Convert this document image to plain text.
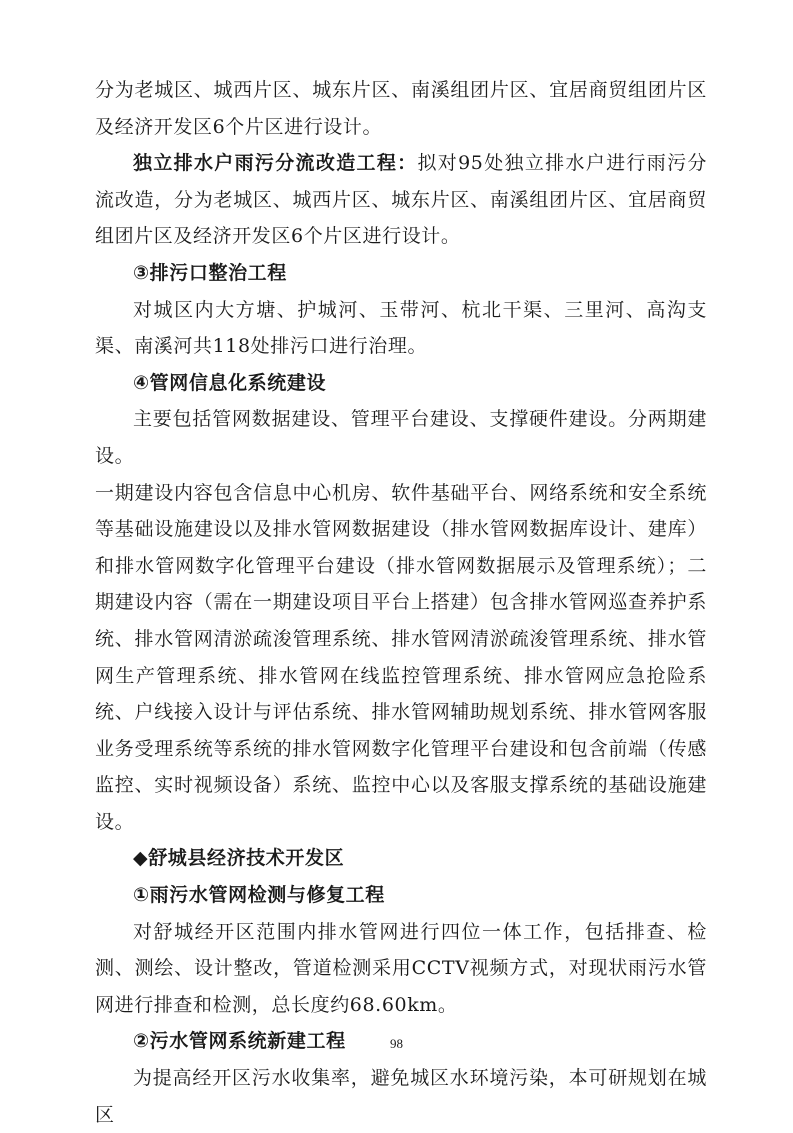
分为老城区、城西片区、城东片区、南溪组团片区、宜居商贸组团片区及经济开发区6个片区进行设计。

独立排水户雨污分流改造工程：拟对95处独立排水户进行雨污分流改造，分为老城区、城西片区、城东片区、南溪组团片区、宜居商贸组团片区及经济开发区6个片区进行设计。

③排污口整治工程

对城区内大方塘、护城河、玉带河、杭北干渠、三里河、高沟支渠、南溪河共118处排污口进行治理。

④管网信息化系统建设

主要包括管网数据建设、管理平台建设、支撑硬件建设。分两期建设。

一期建设内容包含信息中心机房、软件基础平台、网络系统和安全系统等基础设施建设以及排水管网数据建设（排水管网数据库设计、建库）和排水管网数字化管理平台建设（排水管网数据展示及管理系统）；二期建设内容（需在一期建设项目平台上搭建）包含排水管网巡查养护系统、排水管网清淤疏浚管理系统、排水管网清淤疏浚管理系统、排水管网生产管理系统、排水管网在线监控管理系统、排水管网应急抢险系统、户线接入设计与评估系统、排水管网辅助规划系统、排水管网客服业务受理系统等系统的排水管网数字化管理平台建设和包含前端（传感监控、实时视频设备）系统、监控中心以及客服支撑系统的基础设施建设。

◆舒城县经济技术开发区

①雨污水管网检测与修复工程

对舒城经开区范围内排水管网进行四位一体工作，包括排查、检测、测绘、设计整改，管道检测采用CCTV视频方式，对现状雨污水管网进行排查和检测，总长度约68.60km。

②污水管网系统新建工程

为提高经开区污水收集率，避免城区水环境污染，本可研规划在城区

98
